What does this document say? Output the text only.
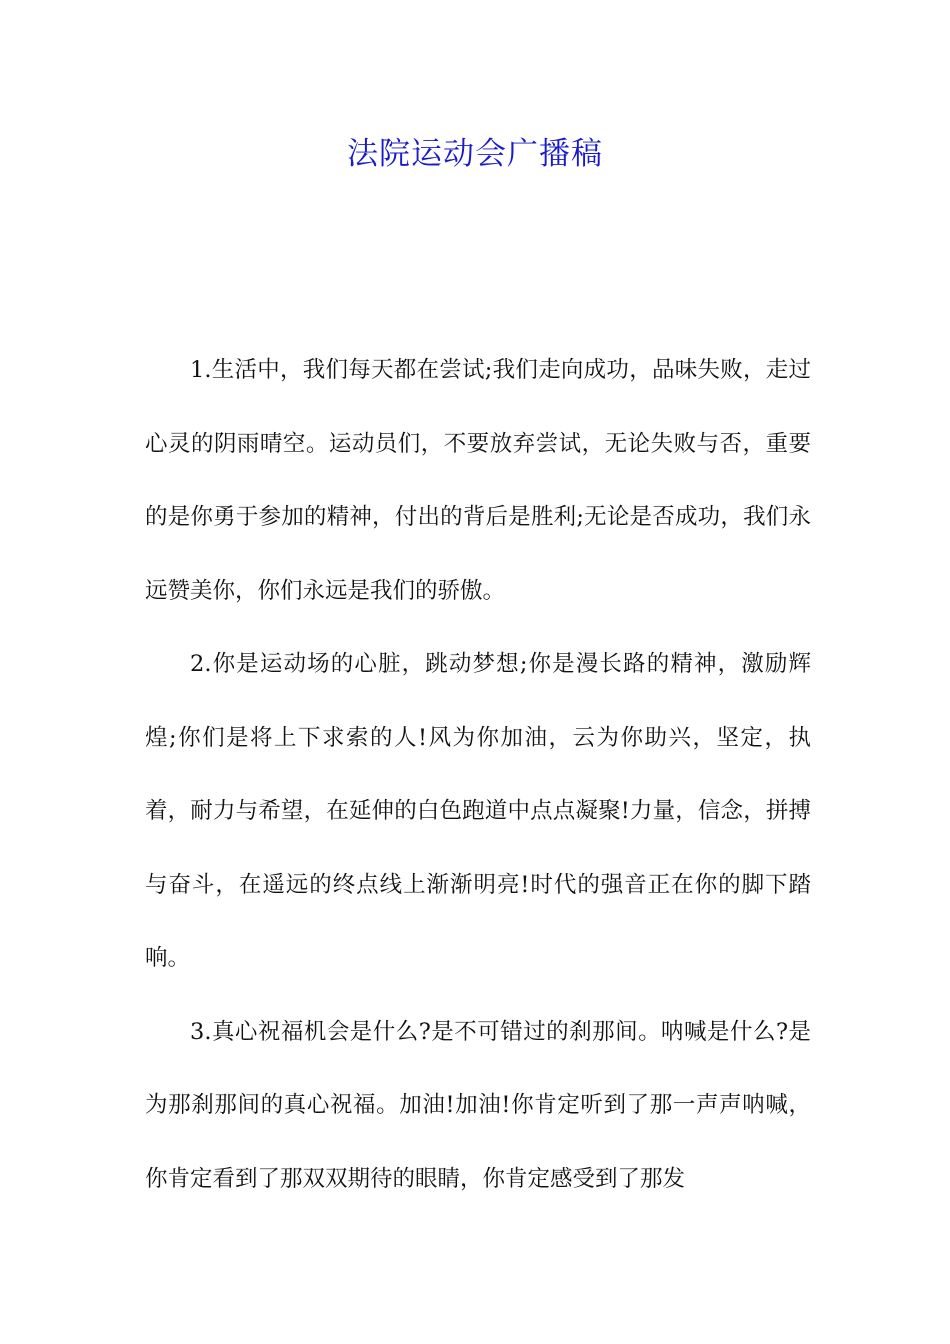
法院运动会广播稿

1.生活中，我们每天都在尝试;我们走向成功，品味失败，走过心灵的阴雨晴空。运动员们，不要放弃尝试，无论失败与否，重要的是你勇于参加的精神，付出的背后是胜利;无论是否成功，我们永远赞美你，你们永远是我们的骄傲。

2.你是运动场的心脏，跳动梦想;你是漫长路的精神，激励辉煌;你们是将上下求索的人!风为你加油，云为你助兴，坚定，执着，耐力与希望，在延伸的白色跑道中点点凝聚!力量，信念，拼搏与奋斗，在遥远的终点线上渐渐明亮!时代的强音正在你的脚下踏响。

3.真心祝福机会是什么?是不可错过的刹那间。呐喊是什么?是为那刹那间的真心祝福。加油!加油!你肯定听到了那一声声呐喊，你肯定看到了那双双期待的眼睛，你肯定感受到了那发
